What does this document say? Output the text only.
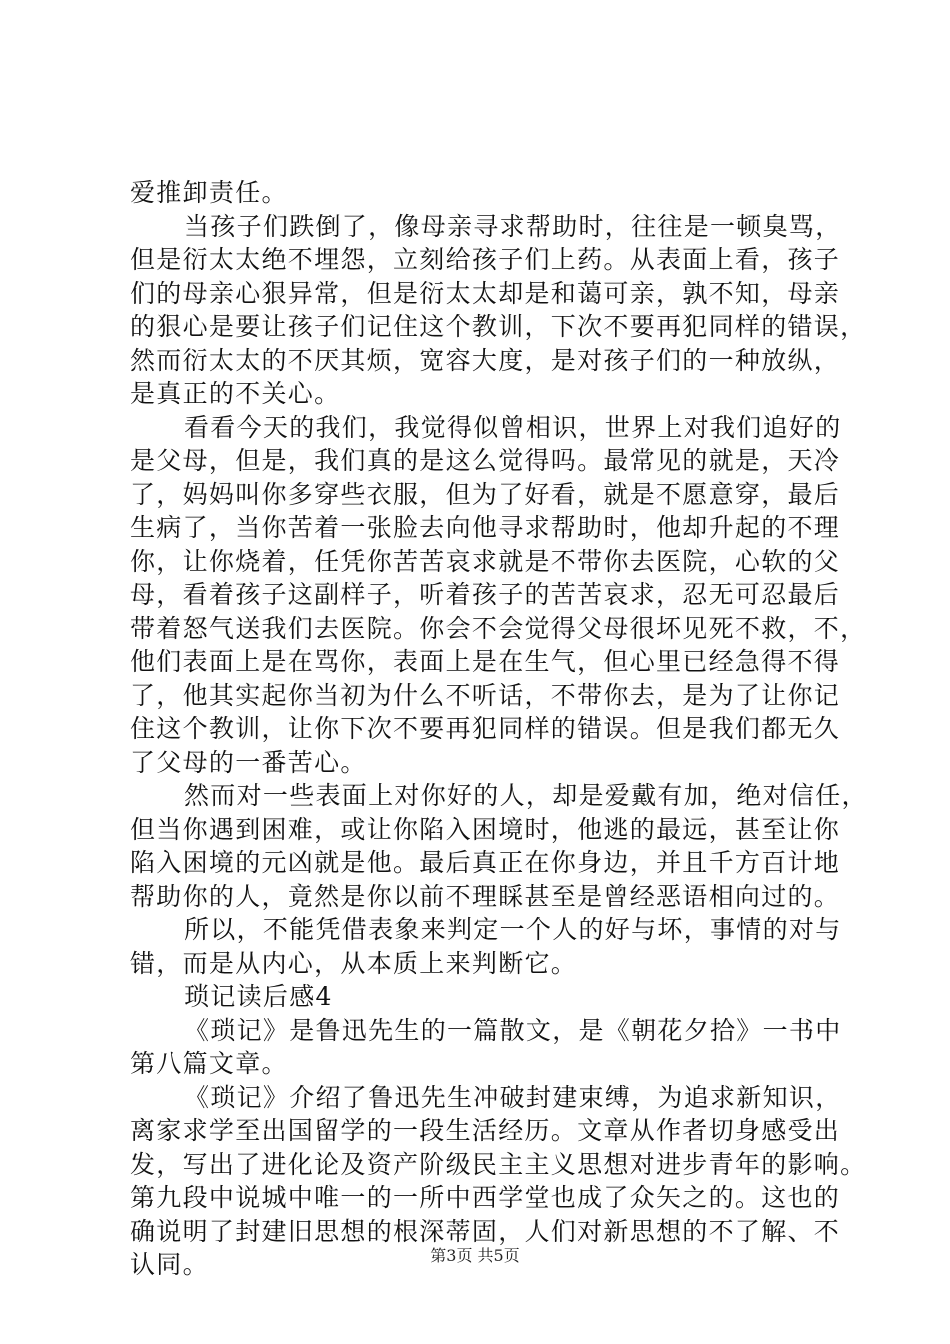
爱推卸责任。
当孩子们跌倒了，像母亲寻求帮助时，往往是一顿臭骂，
但是衍太太绝不埋怨，立刻给孩子们上药。从表面上看，孩子
们的母亲心狠异常，但是衍太太却是和蔼可亲，孰不知，母亲
的狠心是要让孩子们记住这个教训，下次不要再犯同样的错误，
然而衍太太的不厌其烦，宽容大度，是对孩子们的一种放纵，
是真正的不关心。
看看今天的我们，我觉得似曾相识，世界上对我们追好的
是父母，但是，我们真的是这么觉得吗。最常见的就是，天冷
了，妈妈叫你多穿些衣服，但为了好看，就是不愿意穿，最后
生病了，当你苦着一张脸去向他寻求帮助时，他却升起的不理
你，让你烧着，任凭你苦苦哀求就是不带你去医院，心软的父
母，看着孩子这副样子，听着孩子的苦苦哀求，忍无可忍最后
带着怒气送我们去医院。你会不会觉得父母很坏见死不救，不，
他们表面上是在骂你，表面上是在生气，但心里已经急得不得
了，他其实起你当初为什么不听话，不带你去，是为了让你记
住这个教训，让你下次不要再犯同样的错误。但是我们都无久
了父母的一番苦心。
然而对一些表面上对你好的人，却是爱戴有加，绝对信任，
但当你遇到困难，或让你陷入困境时，他逃的最远，甚至让你
陷入困境的元凶就是他。最后真正在你身边，并且千方百计地
帮助你的人，竟然是你以前不理睬甚至是曾经恶语相向过的。
所以，不能凭借表象来判定一个人的好与坏，事情的对与
错，而是从内心，从本质上来判断它。
琐记读后感4
《琐记》是鲁迅先生的一篇散文，是《朝花夕拾》一书中
第八篇文章。
《琐记》介绍了鲁迅先生冲破封建束缚，为追求新知识，
离家求学至出国留学的一段生活经历。文章从作者切身感受出
发，写出了进化论及资产阶级民主主义思想对进步青年的影响。
第九段中说城中唯一的一所中西学堂也成了众矢之的。这也的
确说明了封建旧思想的根深蒂固，人们对新思想的不了解、不
认同。	第3页 共5页
